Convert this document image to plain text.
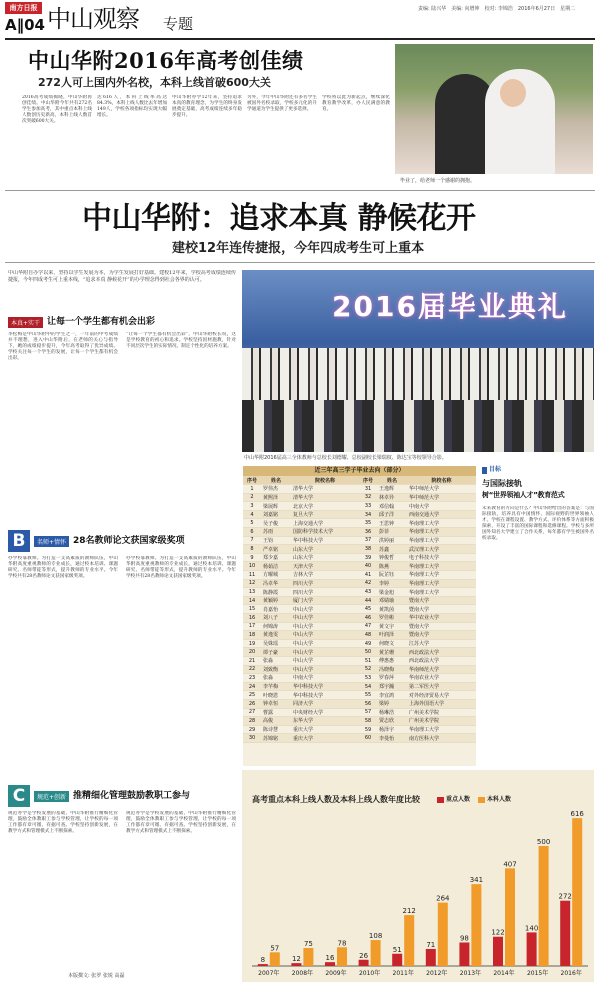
南方日报
A‖04 中山观察 专题
责编: 陆兴华 美编: 向增坤 校对: 李锦浩 2016年6月27日 星期二
中山华附2016年高考创佳绩
272人可上国内外名校，本科上线首破600大关
2016高考成绩揭晓，中山华附再创佳绩。中山华附今年共有272名学生参加高考，其中重点本科上线人数创历史新高，本科上线人数首次突破600大关。
达616人，本科上线率高达84.3%，本科上线人数比去年增加149人，学校各项指标均实现大幅增长。
中山华附办学12年来，坚持追求本真的教育理念，为学生的终身发展奠定基础，高考成绩连续多年稳步提升。
另外，今年中山华附还有多名学生被国外名校录取，学校多元化的升学通道为学生提供了更多选择。
学校将以此为新起点，继续深化教育教学改革，办人民满意的教育。
毕业了，给老师一个感谢的拥抱。
中山华附：追求本真 静候花开
建校12年连传捷报，今年四成考生可上重本
中山华附自办学以来，坚持以学生发展为本，为学生发展打好基础。建校12年来，学校高考成绩连续传捷报，今年四成考生可上重本线，“追求本真 静候花开”的办学理念得到社会各界的认可。
本真+实干 让每一个学生都有机会出彩
李松梅是中山华附中的学生之一，一年前的中考成绩并不理想，进入中山华附后，在老师的关心与指导下，她的成绩稳步提升，今年高考取得了优异成绩。学校关注每一个学生的发展，让每一个学生都有机会出彩。
“让每一个学生都有机会出彩”，中山华附校长说，这是学校教育的初心和追求。学校坚持因材施教，针对不同层次学生的实际情况，制定个性化的培养方案。
B	名师+情怀 28名教师论文获国家级奖项
办学校靠教师。为打造一支高素质的教师队伍，中山华附高度重视教师的专业成长，通过校本培训、课题研究、名师带徒等形式，提升教师的专业水平。今年学校共有28名教师论文获国家级奖项。
办学校靠教师。为打造一支高素质的教师队伍，中山华附高度重视教师的专业成长，通过校本培训、课题研究、名师带徒等形式，提升教师的专业水平。今年学校共有28名教师论文获国家级奖项。
C	规范+创新 推精细化管理鼓励教职工参与
规范办学是学校发展的基础，中山华附推行精细化管理，鼓励全体教职工参与学校管理，让学校的每一项工作都有章可循、有据可查。学校坚持创新发展，在教学方式和管理模式上不断探索。
规范办学是学校发展的基础，中山华附推行精细化管理，鼓励全体教职工参与学校管理，让学校的每一项工作都有章可循、有据可查。学校坚持创新发展，在教学方式和管理模式上不断探索。
本版撰文: 张罗 张锐 高磊
2016届毕业典礼
中山华附2016届高三全体教师与总校长刘德耀、总校副校长梁瑞权、陈达宝等校领导合影。
近三年高三学子毕业去向（部分）
序号	姓名	院校名称	序号	姓名	院校名称
1	罗伟杰	清华大学	31	王逸辉	华中师范大学
2	黄熙泽	清华大学	32	林卓异	华中师范大学
3	梁展辉	北京大学	33	邓信翰	中南大学
4	刘嘉铭	复旦大学	34	邱子洋	西南交通大学
5	吴子俊	上海交通大学	35	王思钟	华南理工大学
6	苏雨	国防科学技术大学	36	彭菲	华南理工大学
7	王钧	华中科技大学	37	洪婷丽	华南理工大学
8	严卓铭	山东大学	38	苏鑫	武汉理工大学
9	郑少嘉	山东大学	39	钟俊哲	电子科技大学
10	杨茹洁	天津大学	40	陈燕	华南理工大学
11	方曜城	吉林大学	41	阮芷钰	华南理工大学
12	冯卓华	四川大学	42	李婷	华南理工大学
13	陈静霞	四川大学	43	梁金旭	华南理工大学
14	黄颖婷	厦门大学	44	邓婧瑜	暨南大学
15	肖嘉怡	中山大学	45	黄凯茵	暨南大学
16	刘八子	中山大学	46	罗佳彬	华中农业大学
17	何锦涛	中山大学	47	黄文宇	暨南大学
18	黄逸雯	中山大学	48	叶润泽	暨南大学
19	吴姝瑶	中山大学	49	何晓文	江苏大学
20	谭子豪	中山大学	50	黄芷珊	西北政法大学
21	张淼	中山大学	51	傅惠惠	西北政法大学
22	刘致衡	中山大学	52	冯晓梅	华南师范大学
23	张淼	中南大学	53	罗春萍	华南农业大学
24	李芊梅	华中科技大学	54	郑宇瀚	第二军医大学
25	叶晓恩	华中科技大学	55	李宜鸿	对外经济贸易大学
26	钟卓恒	同济大学	56	梁婷	上海外国语大学
27	曹露	中央财经大学	57	杨琳浩	广州美术学院
28	高俊	东华大学	58	贾志欣	广州美术学院
29	陈诗慧	重庆大学	59	杨泽宇	华南理工大学
30	苏锦铭	重庆大学	60	李曼怡	南方医科大学
目标
与国际接轨
树“世界领袖人才”教育范式
未来教育的方向是什么？中山华附给出的答案是：与国际接轨，培养具有中国情怀、国际视野的世界领袖人才。学校在课程设置、教学方式、评价体系等方面积极探索，开设了丰富的国际课程和选修课程。学校与多所国外知名大学建立了合作关系，每年都有学生被国外名校录取。
高考重点本科上线人数及本科上线人数年度比较	重点人数	本科人数
8
57
2007年
12
75
2008年
16
78
2009年
26
108
2010年
51
212
2011年
71
264
2012年
98
341
2013年
122
407
2014年
140
500
2015年
272
616
2016年
